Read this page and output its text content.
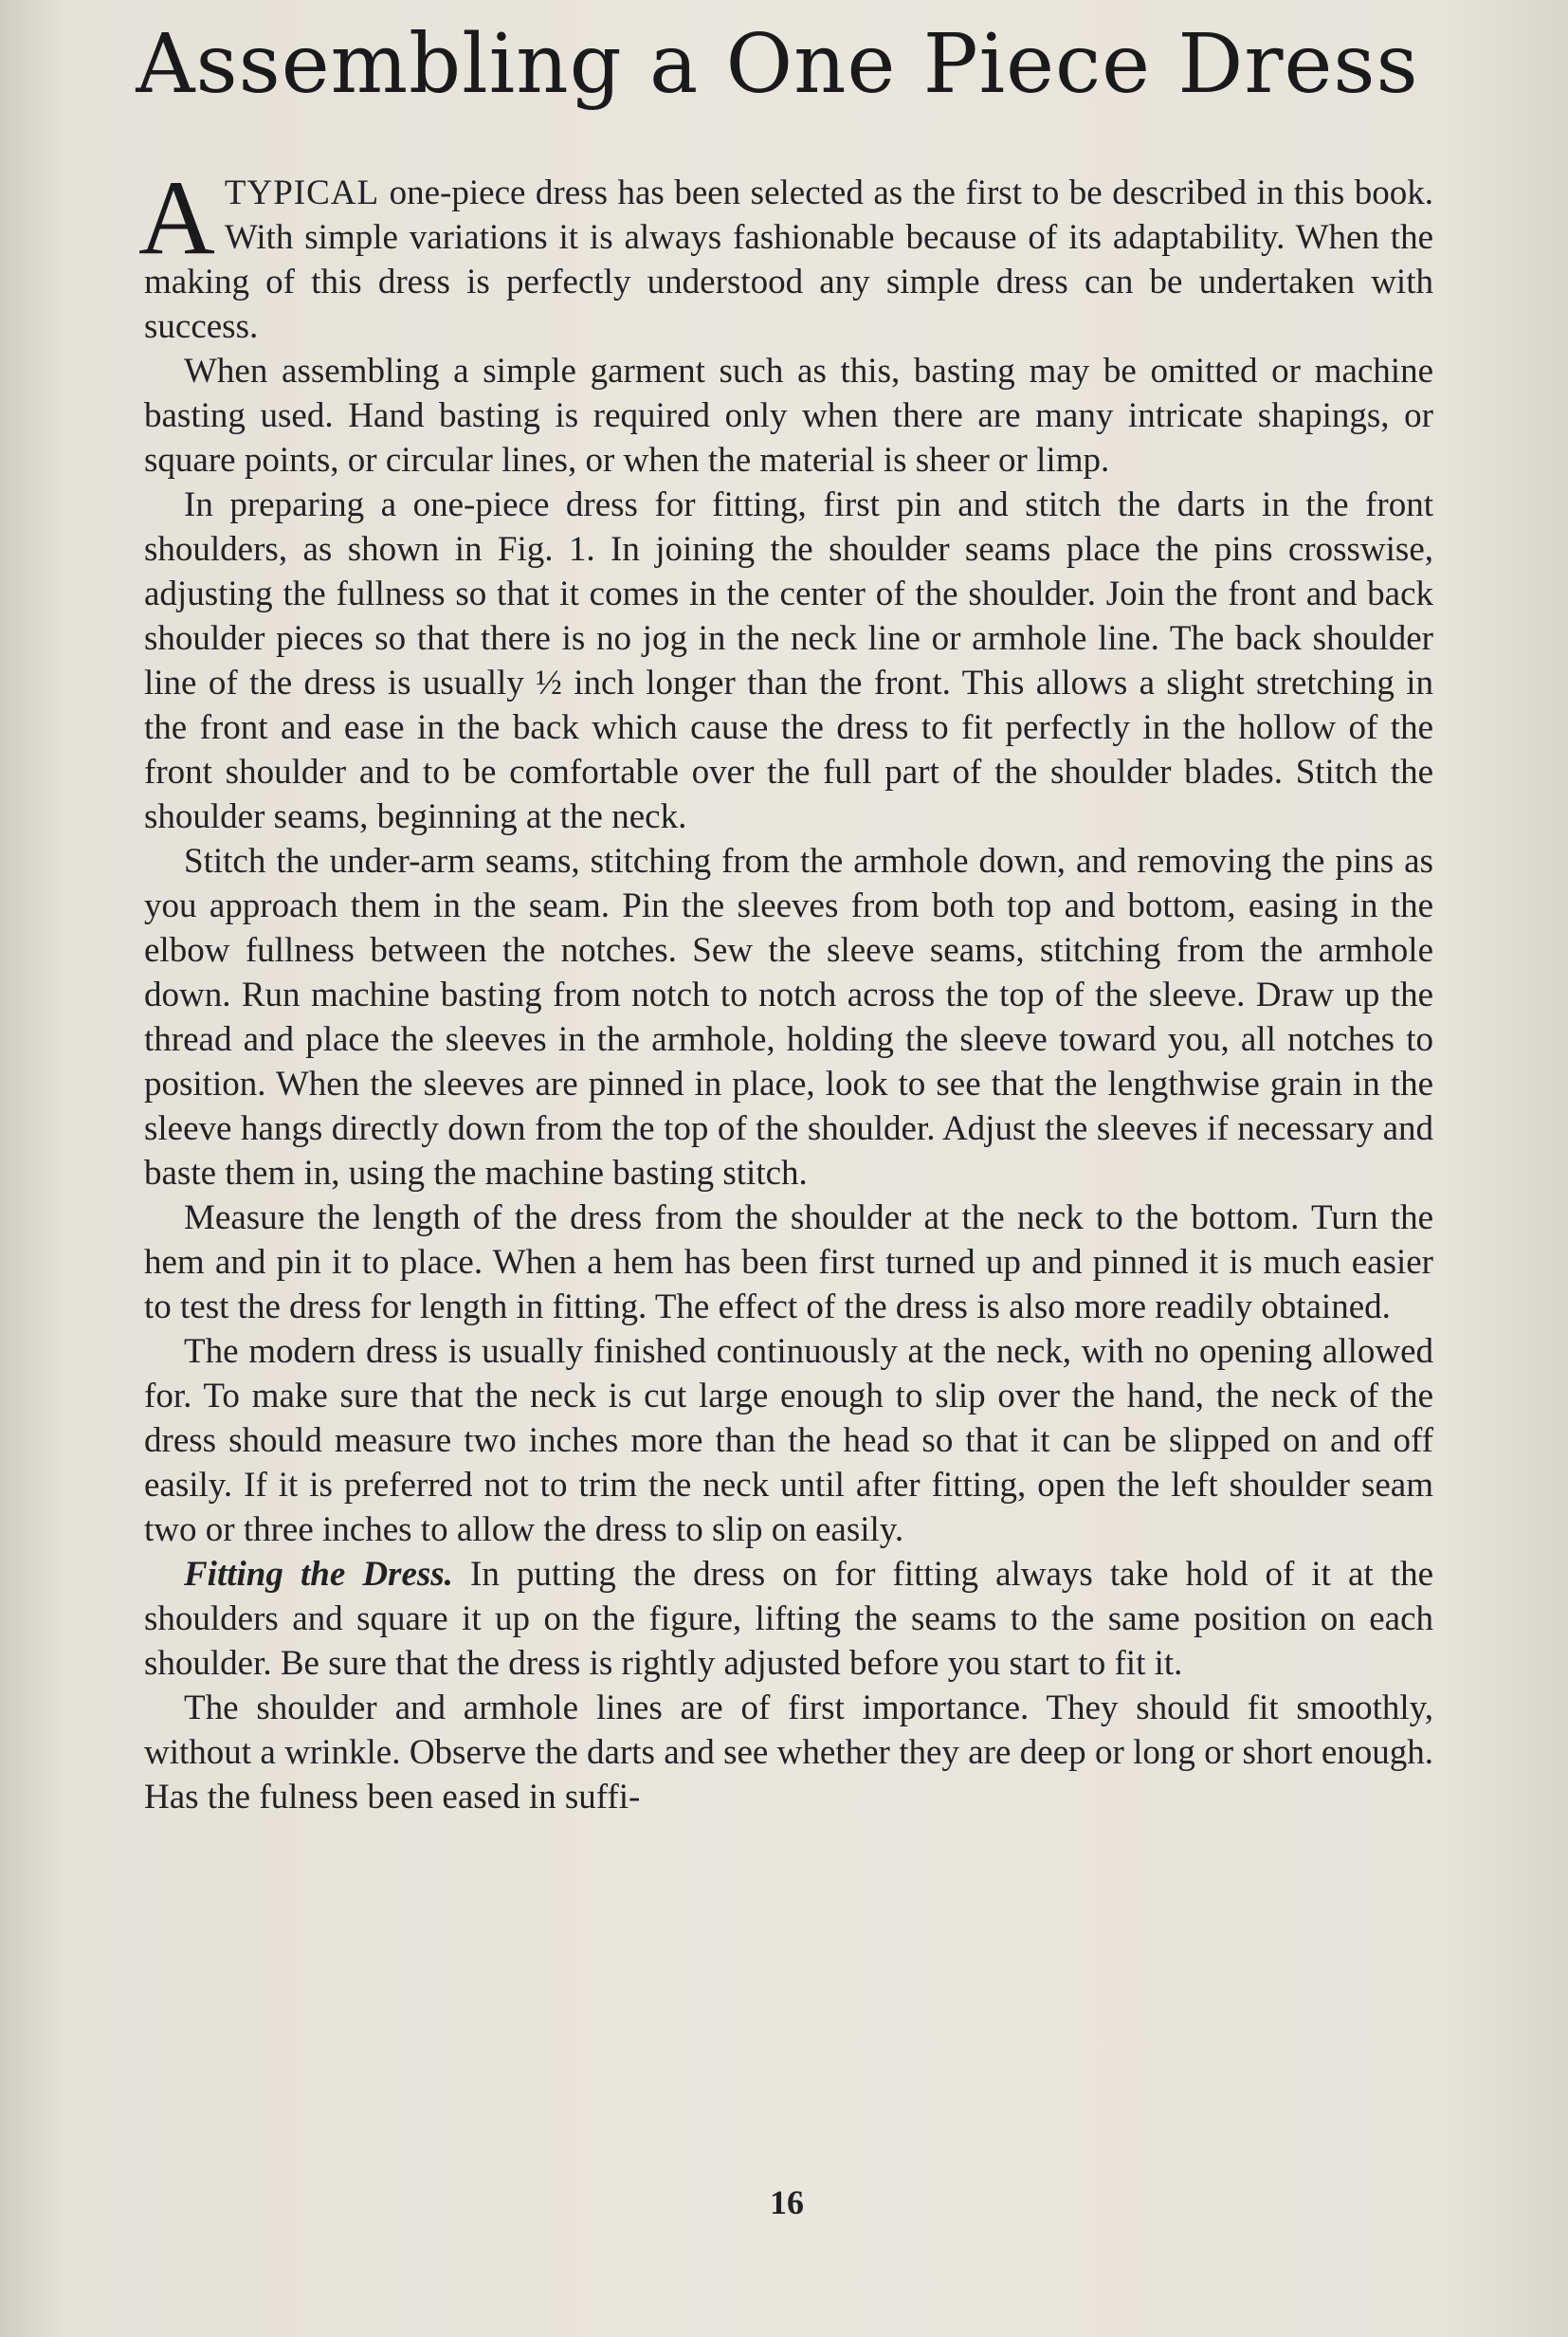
Assembling a One Piece Dress

ATYPICAL one-piece dress has been selected as the first to be described in this book. With simple variations it is always fashionable because of its adaptability. When the making of this dress is perfectly understood any simple dress can be undertaken with success.

When assembling a simple garment such as this, basting may be omitted or machine basting used. Hand basting is required only when there are many intricate shapings, or square points, or circular lines, or when the material is sheer or limp.

In preparing a one-piece dress for fitting, first pin and stitch the darts in the front shoulders, as shown in Fig. 1. In joining the shoulder seams place the pins crosswise, adjusting the fullness so that it comes in the center of the shoulder. Join the front and back shoulder pieces so that there is no jog in the neck line or armhole line. The back shoulder line of the dress is usually ½ inch longer than the front. This allows a slight stretching in the front and ease in the back which cause the dress to fit perfectly in the hollow of the front shoulder and to be comfortable over the full part of the shoulder blades. Stitch the shoulder seams, beginning at the neck.

Stitch the under-arm seams, stitching from the armhole down, and removing the pins as you approach them in the seam. Pin the sleeves from both top and bottom, easing in the elbow fullness between the notches. Sew the sleeve seams, stitching from the armhole down. Run machine basting from notch to notch across the top of the sleeve. Draw up the thread and place the sleeves in the armhole, holding the sleeve toward you, all notches to position. When the sleeves are pinned in place, look to see that the lengthwise grain in the sleeve hangs directly down from the top of the shoulder. Adjust the sleeves if necessary and baste them in, using the machine basting stitch.

Measure the length of the dress from the shoulder at the neck to the bottom. Turn the hem and pin it to place. When a hem has been first turned up and pinned it is much easier to test the dress for length in fitting. The effect of the dress is also more readily obtained.

The modern dress is usually finished continuously at the neck, with no opening allowed for. To make sure that the neck is cut large enough to slip over the hand, the neck of the dress should measure two inches more than the head so that it can be slipped on and off easily. If it is preferred not to trim the neck until after fitting, open the left shoulder seam two or three inches to allow the dress to slip on easily.

Fitting the Dress. In putting the dress on for fitting always take hold of it at the shoulders and square it up on the figure, lifting the seams to the same position on each shoulder. Be sure that the dress is rightly adjusted before you start to fit it.

The shoulder and armhole lines are of first importance. They should fit smoothly, without a wrinkle. Observe the darts and see whether they are deep or long or short enough. Has the fulness been eased in suffi-

16
